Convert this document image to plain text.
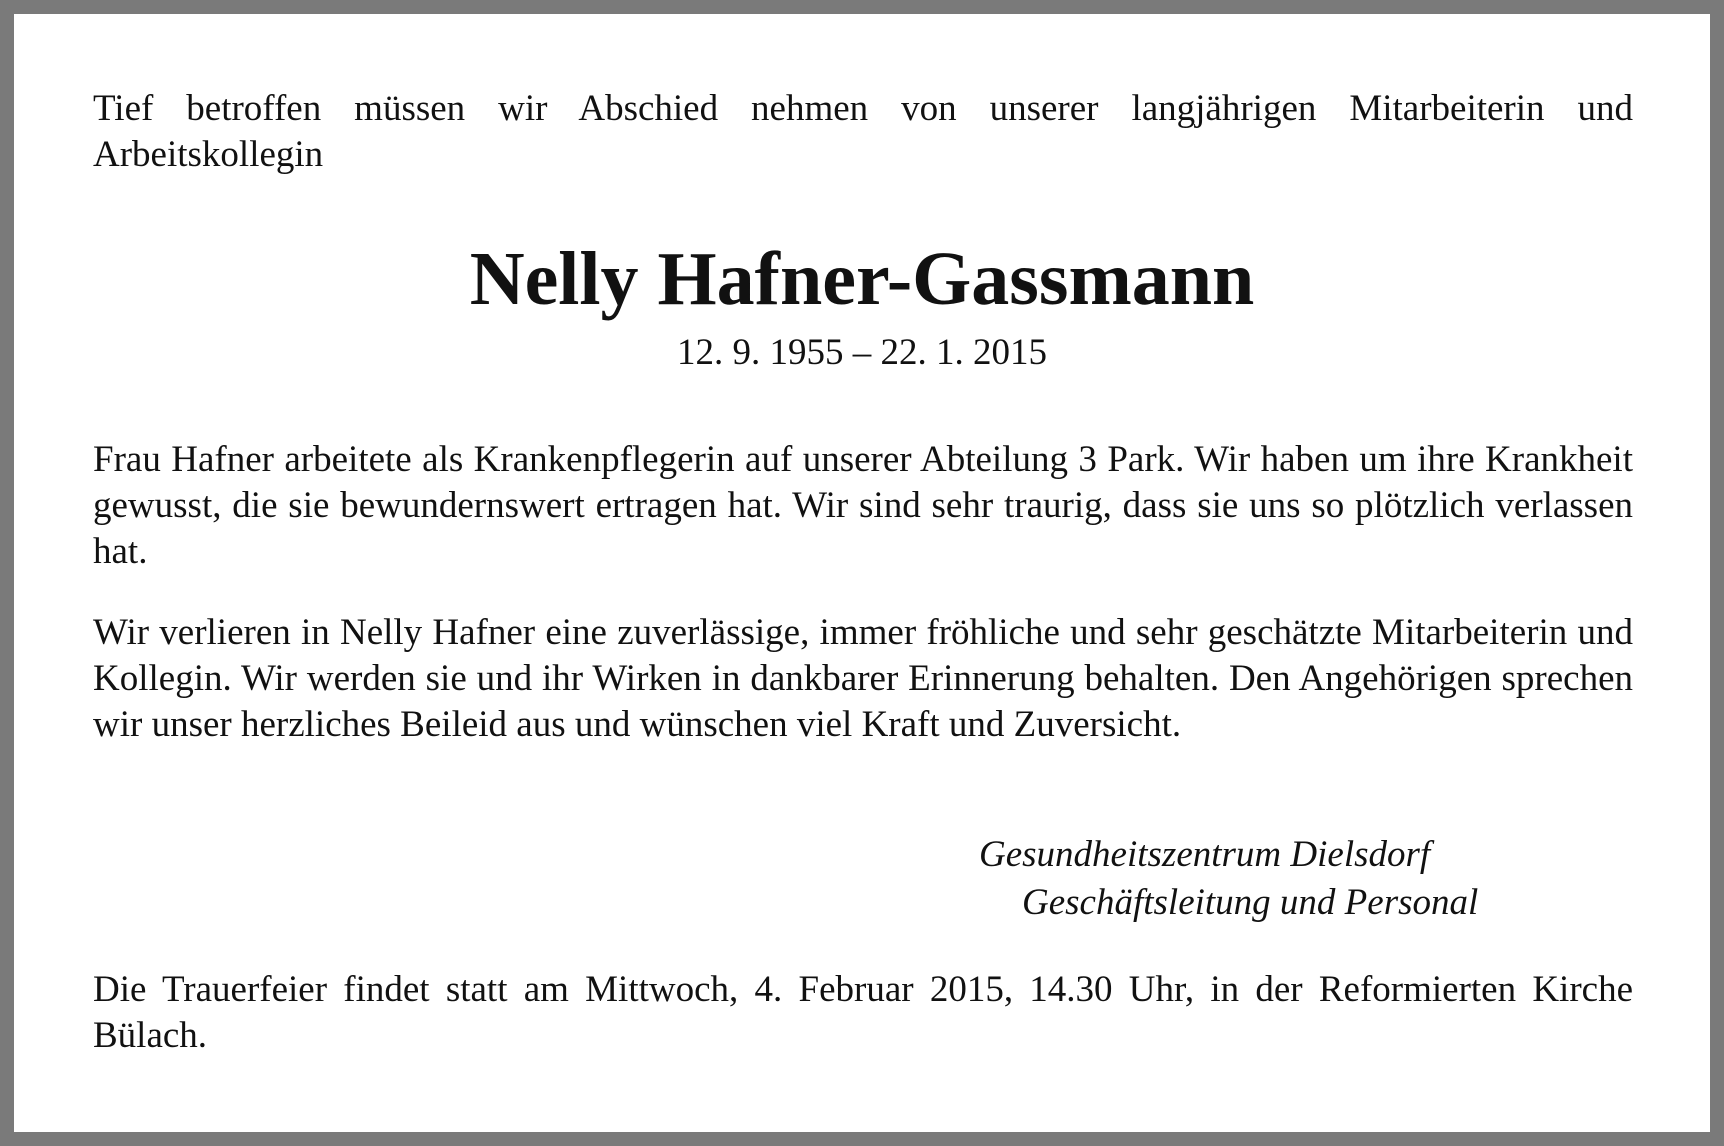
Tief betroffen müssen wir Abschied nehmen von unserer langjährigen Mitarbeiterin und Arbeitskollegin
Nelly Hafner-Gassmann
12. 9. 1955 – 22. 1. 2015
Frau Hafner arbeitete als Krankenpflegerin auf unserer Abteilung 3 Park. Wir haben um ihre Krankheit gewusst, die sie bewundernswert ertragen hat. Wir sind sehr traurig, dass sie uns so plötzlich verlassen hat.
Wir verlieren in Nelly Hafner eine zuverlässige, immer fröhliche und sehr geschätzte Mitarbeiterin und Kollegin. Wir werden sie und ihr Wirken in dankbarer Erinnerung behalten. Den Angehörigen sprechen wir unser herzliches Beileid aus und wünschen viel Kraft und Zuversicht.
Gesundheitszentrum Dielsdorf
Geschäftsleitung und Personal
Die Trauerfeier findet statt am Mittwoch, 4. Februar 2015, 14.30 Uhr, in der Reformierten Kirche Bülach.
